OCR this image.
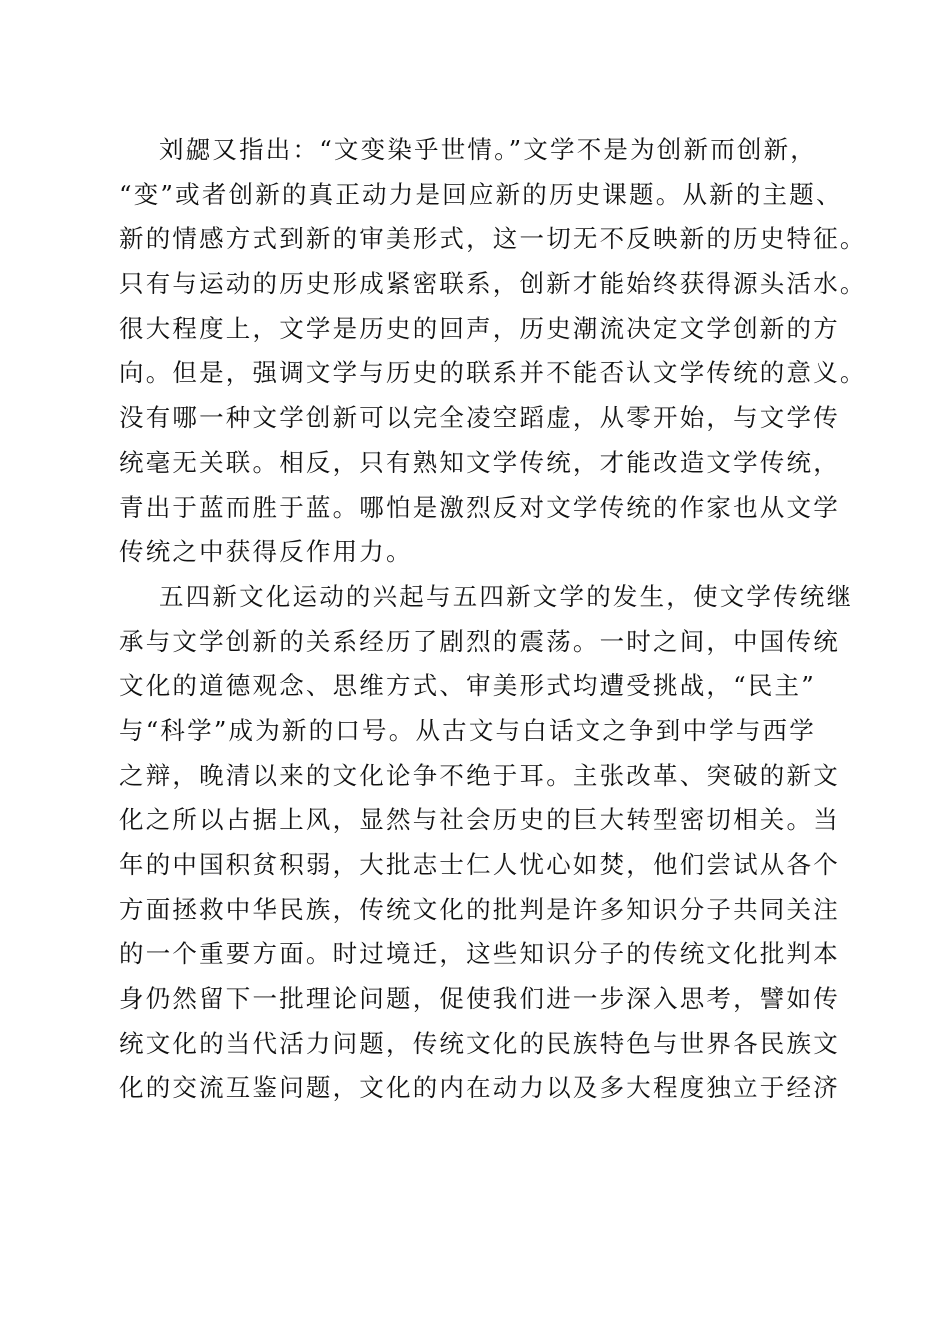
刘勰又指出：“文变染乎世情。”文学不是为创新而创新，
“变”或者创新的真正动力是回应新的历史课题。从新的主题、
新的情感方式到新的审美形式，这一切无不反映新的历史特征。
只有与运动的历史形成紧密联系，创新才能始终获得源头活水。
很大程度上，文学是历史的回声，历史潮流决定文学创新的方
向。但是，强调文学与历史的联系并不能否认文学传统的意义。
没有哪一种文学创新可以完全凌空蹈虚，从零开始，与文学传
统毫无关联。相反，只有熟知文学传统，才能改造文学传统，
青出于蓝而胜于蓝。哪怕是激烈反对文学传统的作家也从文学
传统之中获得反作用力。
五四新文化运动的兴起与五四新文学的发生，使文学传统继
承与文学创新的关系经历了剧烈的震荡。一时之间，中国传统
文化的道德观念、思维方式、审美形式均遭受挑战，“民主”
与“科学”成为新的口号。从古文与白话文之争到中学与西学
之辩，晚清以来的文化论争不绝于耳。主张改革、突破的新文
化之所以占据上风，显然与社会历史的巨大转型密切相关。当
年的中国积贫积弱，大批志士仁人忧心如焚，他们尝试从各个
方面拯救中华民族，传统文化的批判是许多知识分子共同关注
的一个重要方面。时过境迁，这些知识分子的传统文化批判本
身仍然留下一批理论问题，促使我们进一步深入思考，譬如传
统文化的当代活力问题，传统文化的民族特色与世界各民族文
化的交流互鉴问题，文化的内在动力以及多大程度独立于经济
